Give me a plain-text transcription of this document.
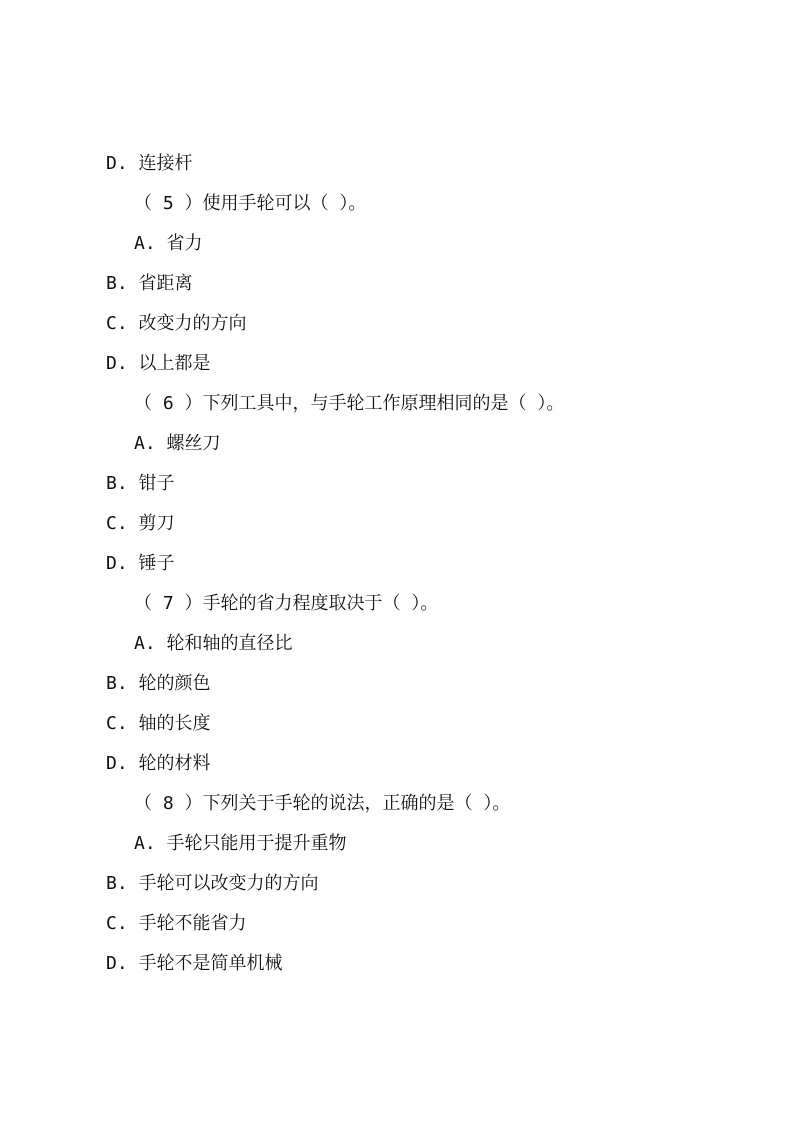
D. 连接杆
（ 5 ）使用手轮可以（ ）。
A. 省力
B. 省距离
C. 改变力的方向
D. 以上都是
（ 6 ）下列工具中，与手轮工作原理相同的是（ ）。
A. 螺丝刀
B. 钳子
C. 剪刀
D. 锤子
（ 7 ）手轮的省力程度取决于（ ）。
A. 轮和轴的直径比
B. 轮的颜色
C. 轴的长度
D. 轮的材料
（ 8 ）下列关于手轮的说法，正确的是（ ）。
A. 手轮只能用于提升重物
B. 手轮可以改变力的方向
C. 手轮不能省力
D. 手轮不是简单机械
